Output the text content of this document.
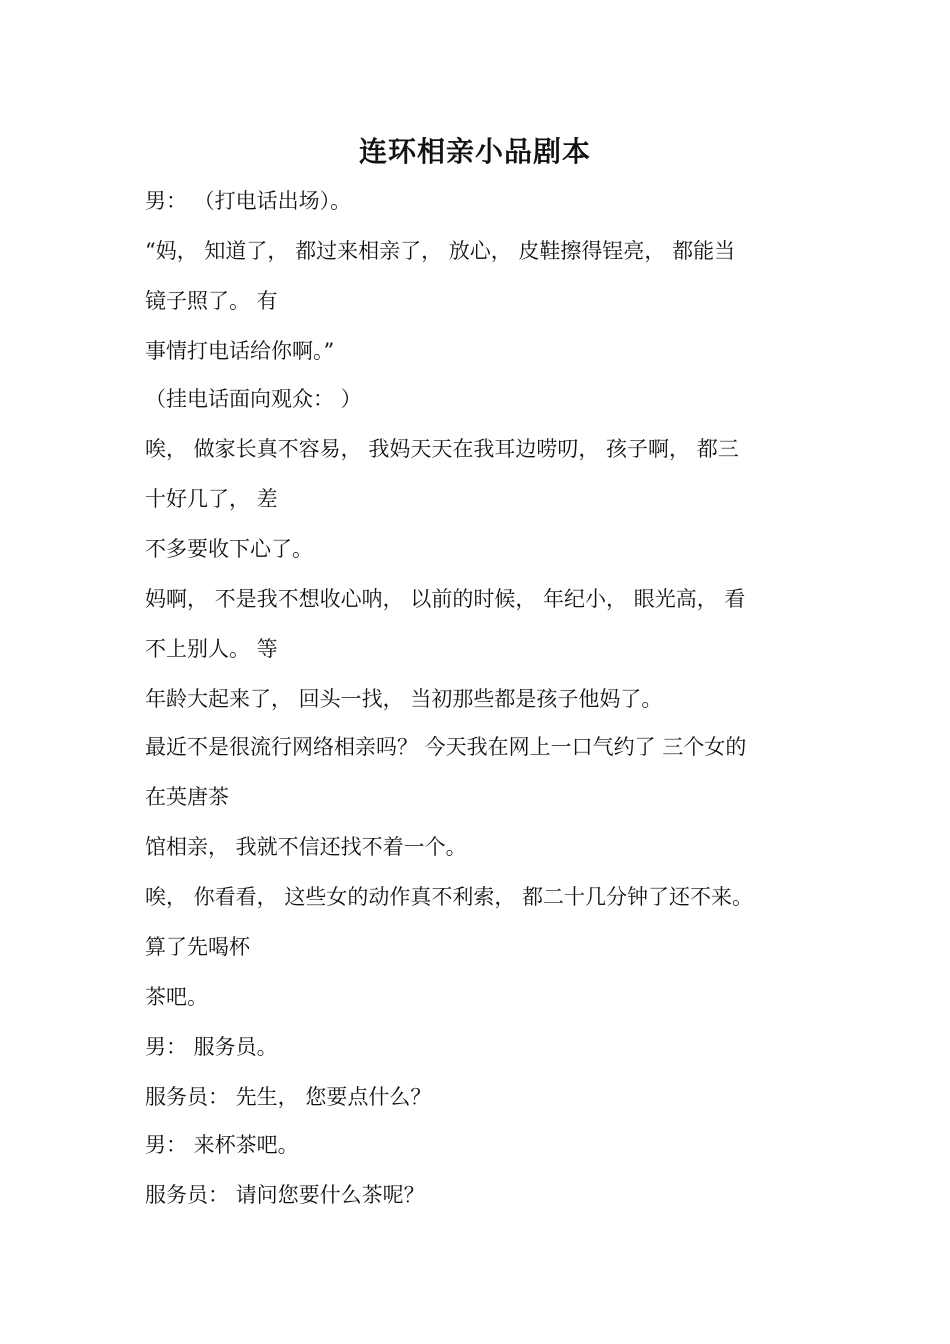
连环相亲小品剧本
男： （打电话出场）。
“妈， 知道了， 都过来相亲了， 放心， 皮鞋擦得锃亮， 都能当
镜子照了。 有
事情打电话给你啊。”
（挂电话面向观众： ）
唉， 做家长真不容易， 我妈天天在我耳边唠叨， 孩子啊， 都三
十好几了， 差
不多要收下心了。
妈啊， 不是我不想收心呐， 以前的时候， 年纪小， 眼光高， 看
不上别人。 等
年龄大起来了， 回头一找， 当初那些都是孩子他妈了。
最近不是很流行网络相亲吗？ 今天我在网上一口气约了 三个女的
在英唐茶
馆相亲， 我就不信还找不着一个。
唉， 你看看， 这些女的动作真不利索， 都二十几分钟了还不来。
算了先喝杯
茶吧。
男： 服务员。
服务员： 先生， 您要点什么？
男： 来杯茶吧。
服务员： 请问您要什么茶呢？
